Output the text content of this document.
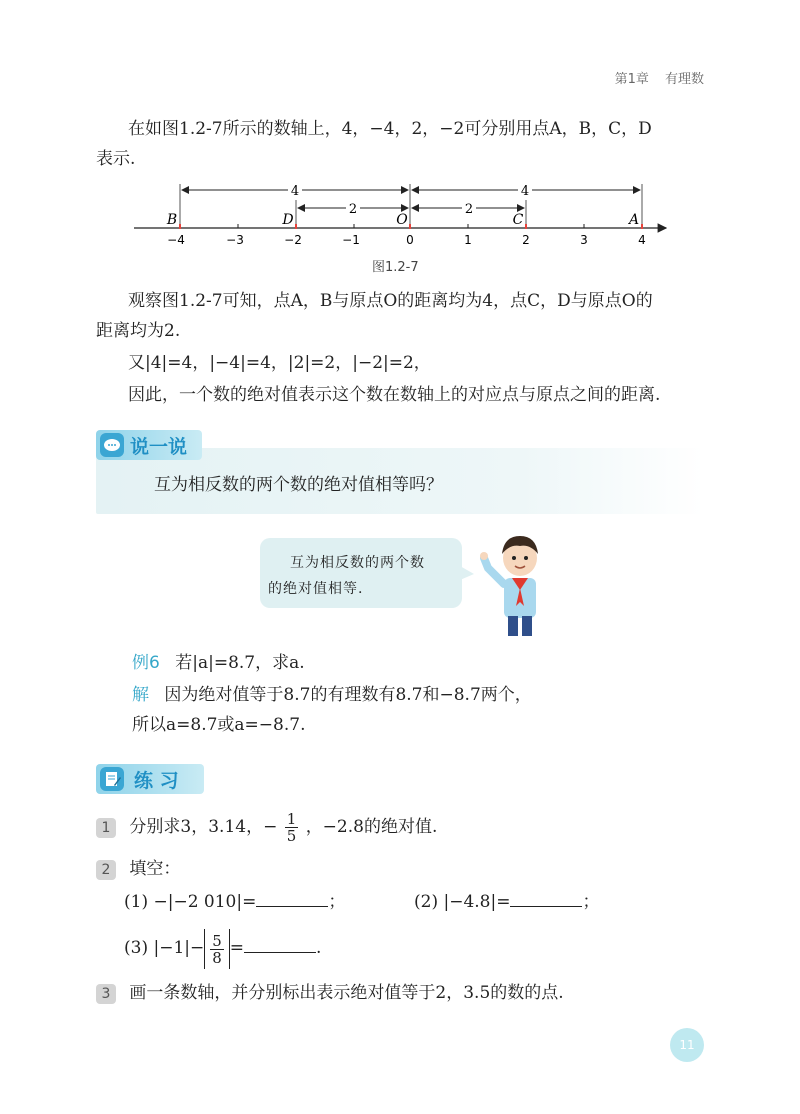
第1章 有理数
在如图1.2-7所示的数轴上，4，−4，2，−2可分别用点A，B，C，D
表示.
4	4
2	2
B	D	O	C	A
−4	−3	−2	−1	0	1	2	3	4
图1.2-7
观察图1.2-7可知，点A，B与原点O的距离均为4，点C，D与原点O的
距离均为2.
又|4|=4，|−4|=4，|2|=2，|−2|=2，
因此，一个数的绝对值表示这个数在数轴上的对应点与原点之间的距离.
说一说
互为相反数的两个数的绝对值相等吗？
互为相反数的两个数
的绝对值相等.
例6 若|a|=8.7，求a.
解 因为绝对值等于8.7的有理数有8.7和−8.7两个，
所以a=8.7或a=−8.7.
练 习
1 分别求3，3.14，− $\frac{1}{5}$ ，−2.8的绝对值.
2 填空：
(1) −|−2 010|=	；	(2) |−4.8|=	；
(3) $|-1|- \frac{5}{8}$ =	.
3 画一条数轴，并分别标出表示绝对值等于2，3.5的数的点.
11
